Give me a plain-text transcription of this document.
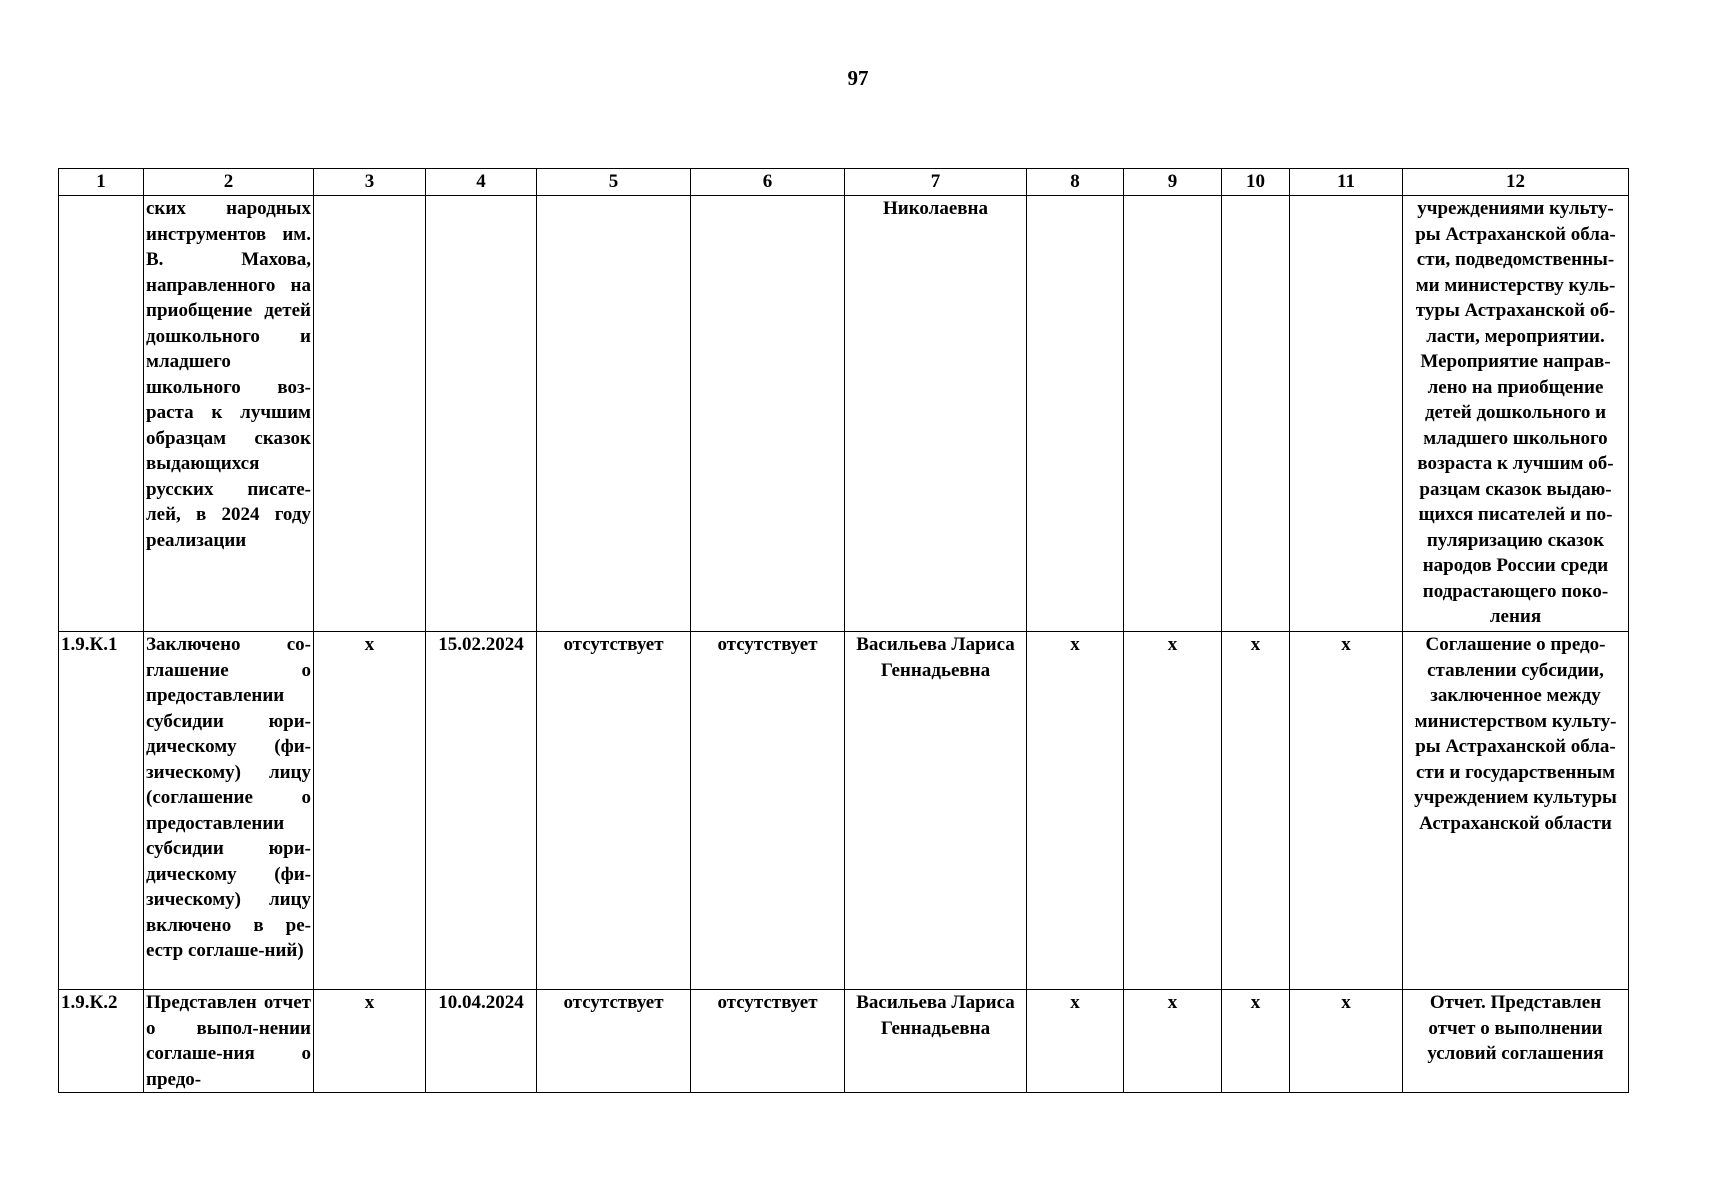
97
1	2	3	4	5	6	7	8	9	10	11	12
	ских народных инструментов им. В. Махова, направленного на приобщение детей дошкольного и младшего школьного воз-раста к лучшим образцам сказок выдающихся русских писате-лей, в 2024 году реализации					Николаевна					учреждениями культу-ры Астраханской обла-сти, подведомственны-ми министерству куль-туры Астраханской об-ласти, мероприятии. Мероприятие направ-лено на приобщение детей дошкольного и младшего школьного возраста к лучшим об-разцам сказок выдаю-щихся писателей и по-пуляризацию сказок народов России среди подрастающего поко-ления
1.9.К.1	Заключено со-глашение о предоставлении субсидии юри-дическому (фи-зическому) лицу (соглашение о предоставлении субсидии юри-дическому (фи-зическому) лицу включено в ре-естр соглаше-ний)	x	15.02.2024	отсутствует	отсутствует	Васильева Лариса Геннадьевна	x	x	x	x	Соглашение о предо-ставлении субсидии, заключенное между министерством культу-ры Астраханской обла-сти и государственным учреждением культуры Астраханской области
1.9.К.2	Представлен отчет о выпол-нении соглаше-ния о предо-	x	10.04.2024	отсутствует	отсутствует	Васильева Лариса Геннадьевна	x	x	x	x	Отчет. Представлен отчет о выполнении условий соглашения
